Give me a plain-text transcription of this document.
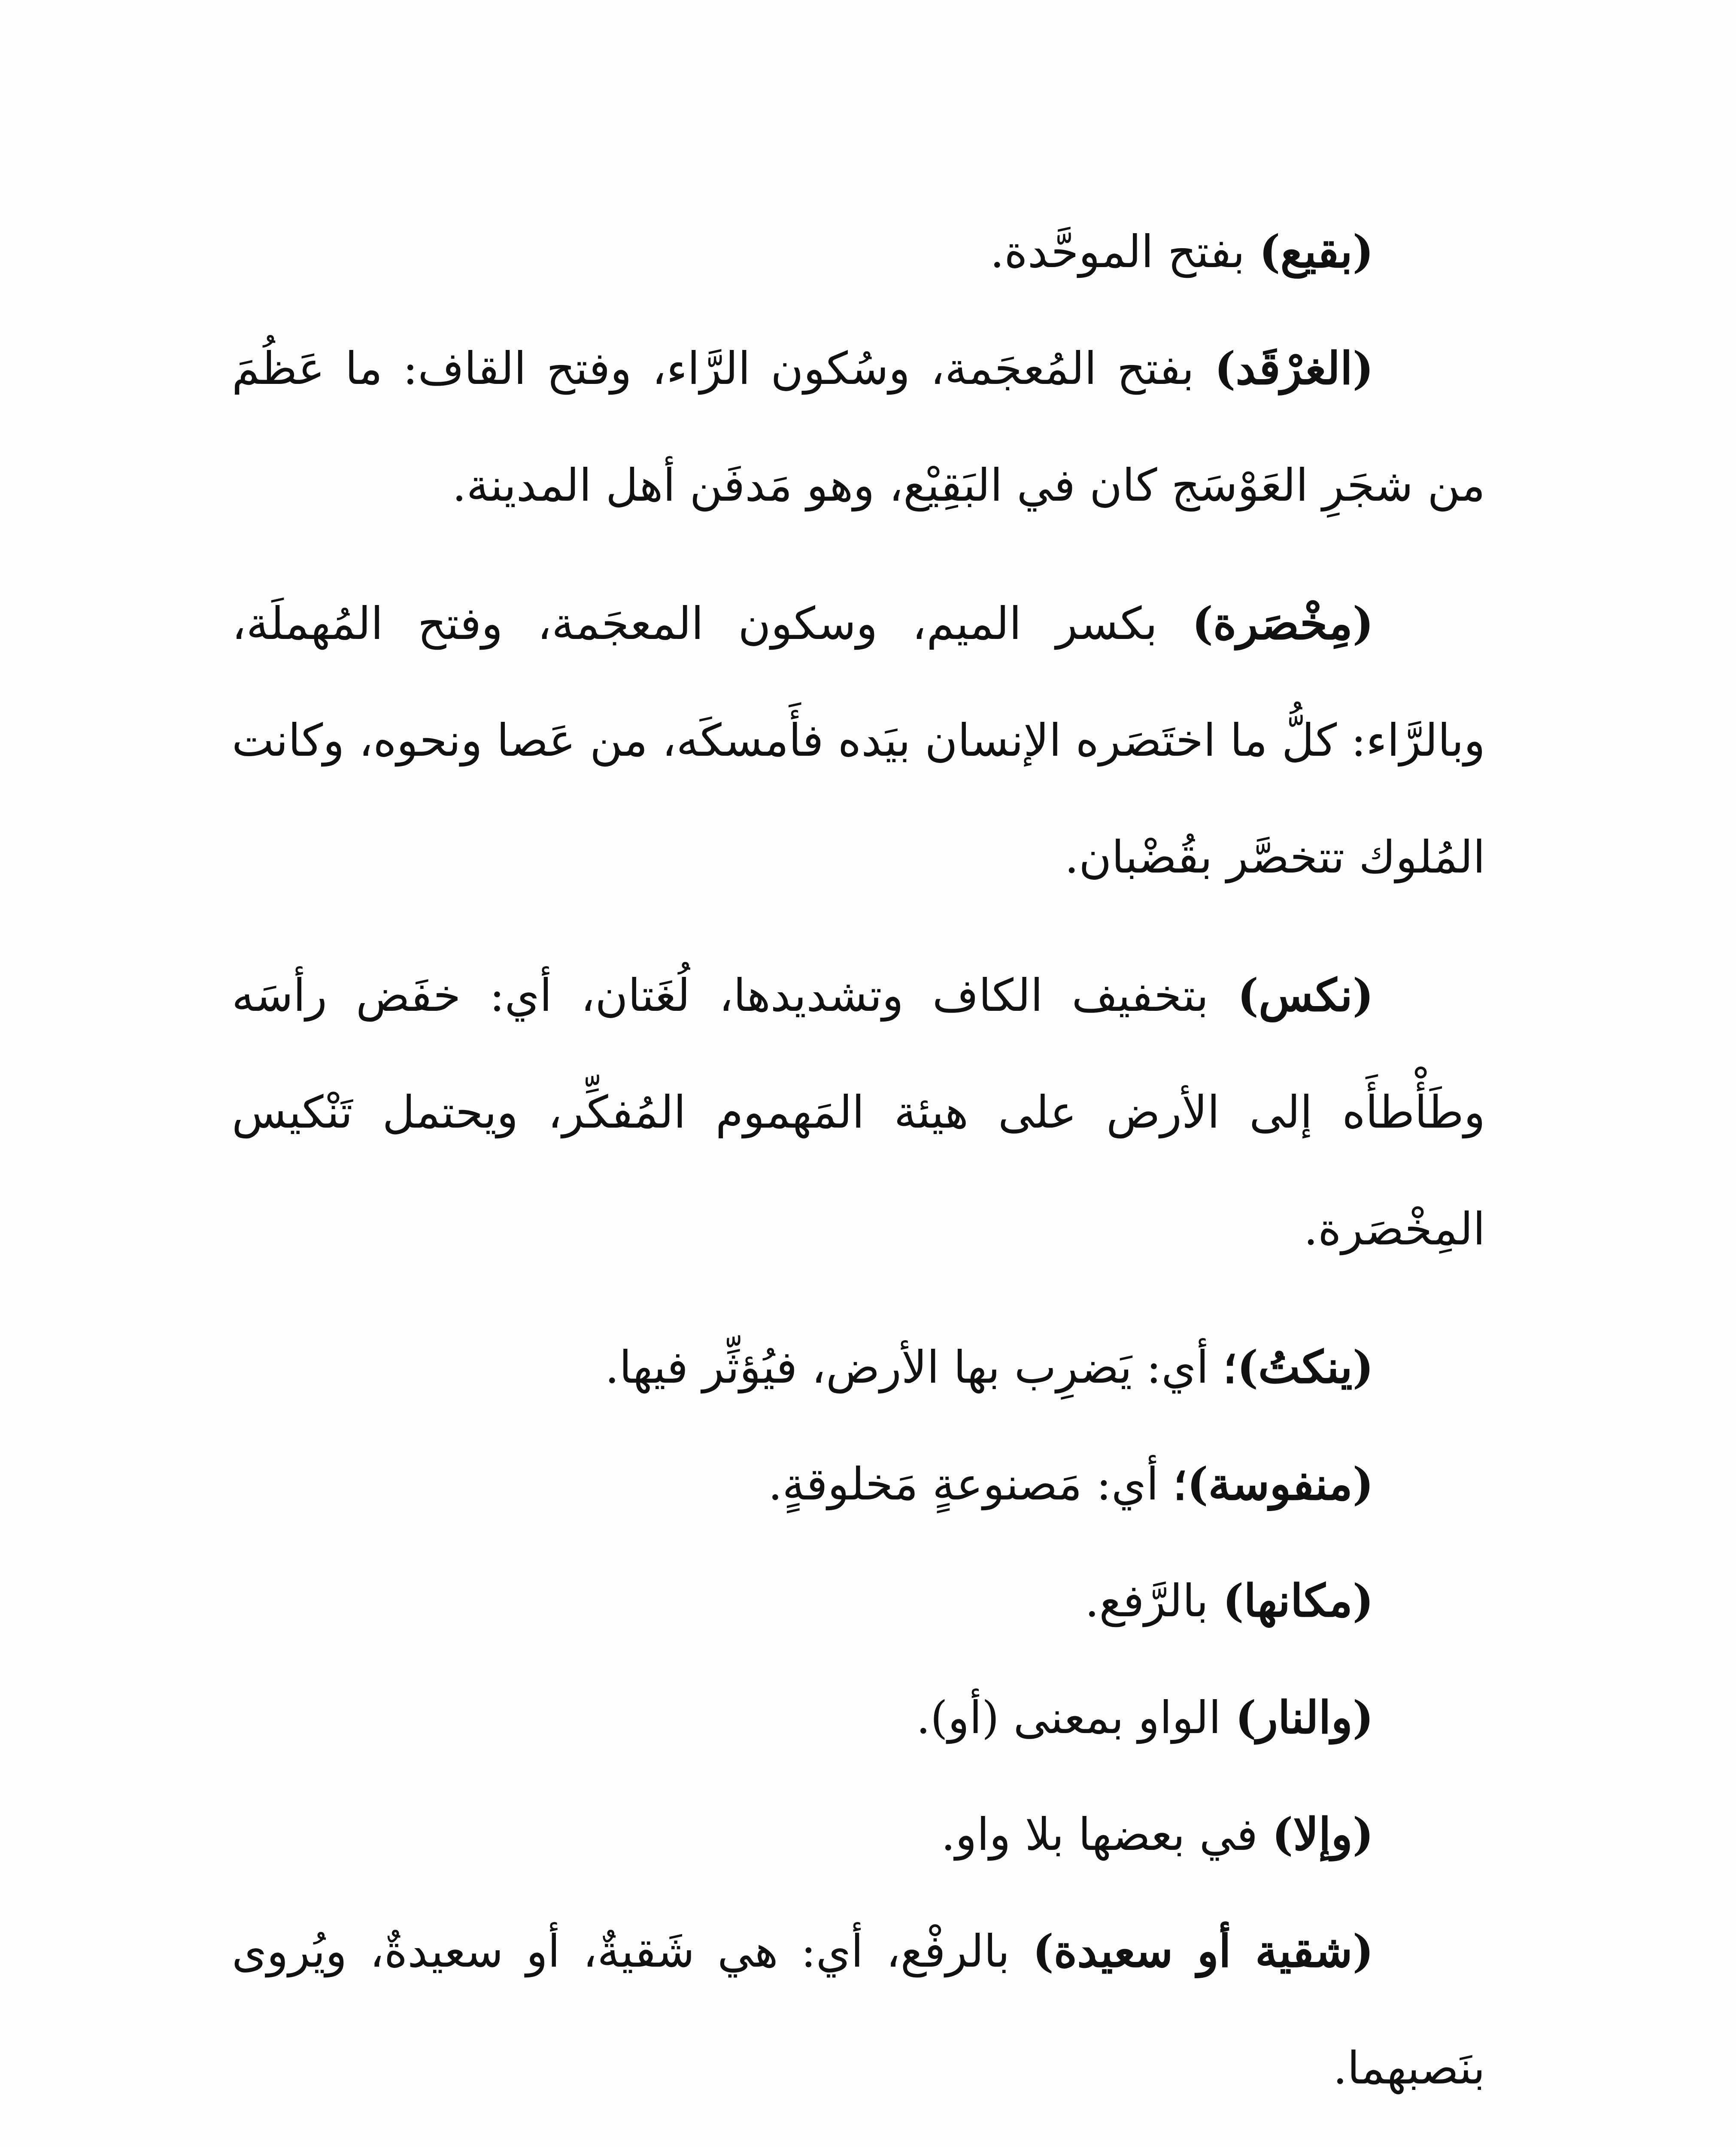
(بقيع) بفتح الموحَّدة.

(الغرْقَد) بفتح المُعجَمة، وسُكون الرَّاء، وفتح القاف: ما عَظُمَ من شجَرِ العَوْسَج كان في البَقِيْع، وهو مَدفَن أهل المدينة.

(مِخْصَرة) بكسر الميم، وسكون المعجَمة، وفتح المُهملَة، وبالرَّاء: كلُّ ما اختَصَره الإنسان بيَده فأَمسكَه، من عَصا ونحوه، وكانت المُلوك تتخصَّر بقُضْبان.

(نكس) بتخفيف الكاف وتشديدها، لُغَتان، أي: خفَض رأسَه وطَأْطأَه إلى الأرض على هيئة المَهموم المُفكِّر، ويحتمل تَنْكيس المِخْصَرة.

(ينكتُ)؛ أي: يَضرِب بها الأرض، فيُؤثِّر فيها.

(منفوسة)؛ أي: مَصنوعةٍ مَخلوقةٍ.

(مكانها) بالرَّفع.

(والنار) الواو بمعنى (أو).

(وإلا) في بعضها بلا واو.

(شقية أو سعيدة) بالرفْع، أي: هي شَقيةٌ، أو سعيدةٌ، ويُروى بنَصبهما.
